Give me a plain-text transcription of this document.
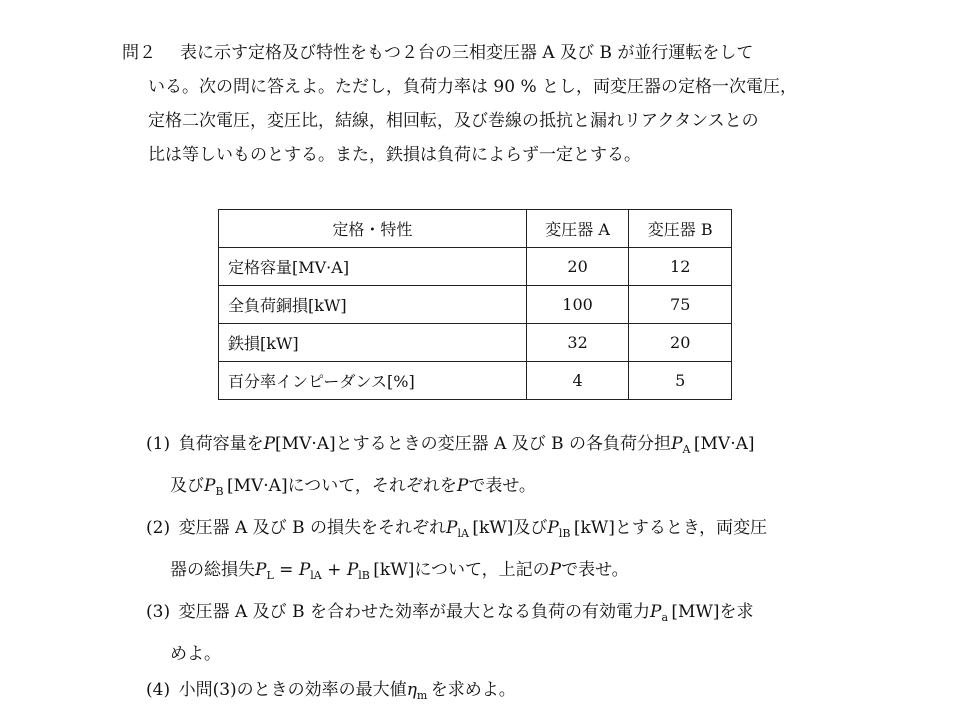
問２	表に示す定格及び特性をもつ２台の三相変圧器 A 及び B が並行運転をして
いる。次の問に答えよ。ただし，負荷力率は 90 % とし，両変圧器の定格一次電圧，
定格二次電圧，変圧比，結線，相回転，及び巻線の抵抗と漏れリアクタンスとの
比は等しいものとする。また，鉄損は負荷によらず一定とする。
定格・特性	変圧器 A	変圧器 B
定格容量[MV·A]	20	12
全負荷銅損[kW]	100	75
鉄損[kW]	32	20
百分率インピーダンス[%]	4	5
(1)  負荷容量をP[MV·A]とするときの変圧器 A 及び B の各負荷分担$P_A$  [MV·A]
及び$P_B$  [MV·A]について，それぞれをPで表せ。
(2)  変圧器 A 及び B の損失をそれぞれ$P_{lA}$  [kW]及び$P_{lB}$  [kW]とするとき，両変圧
器の総損失$P_L = P_{lA} + P_{lB}$  [kW]について，上記のPで表せ。
(3)  変圧器 A 及び B を合わせた効率が最大となる負荷の有効電力$P_a$  [MW]を求
めよ。
(4)  小問(3)のときの効率の最大値$\eta_m$  を求めよ。
